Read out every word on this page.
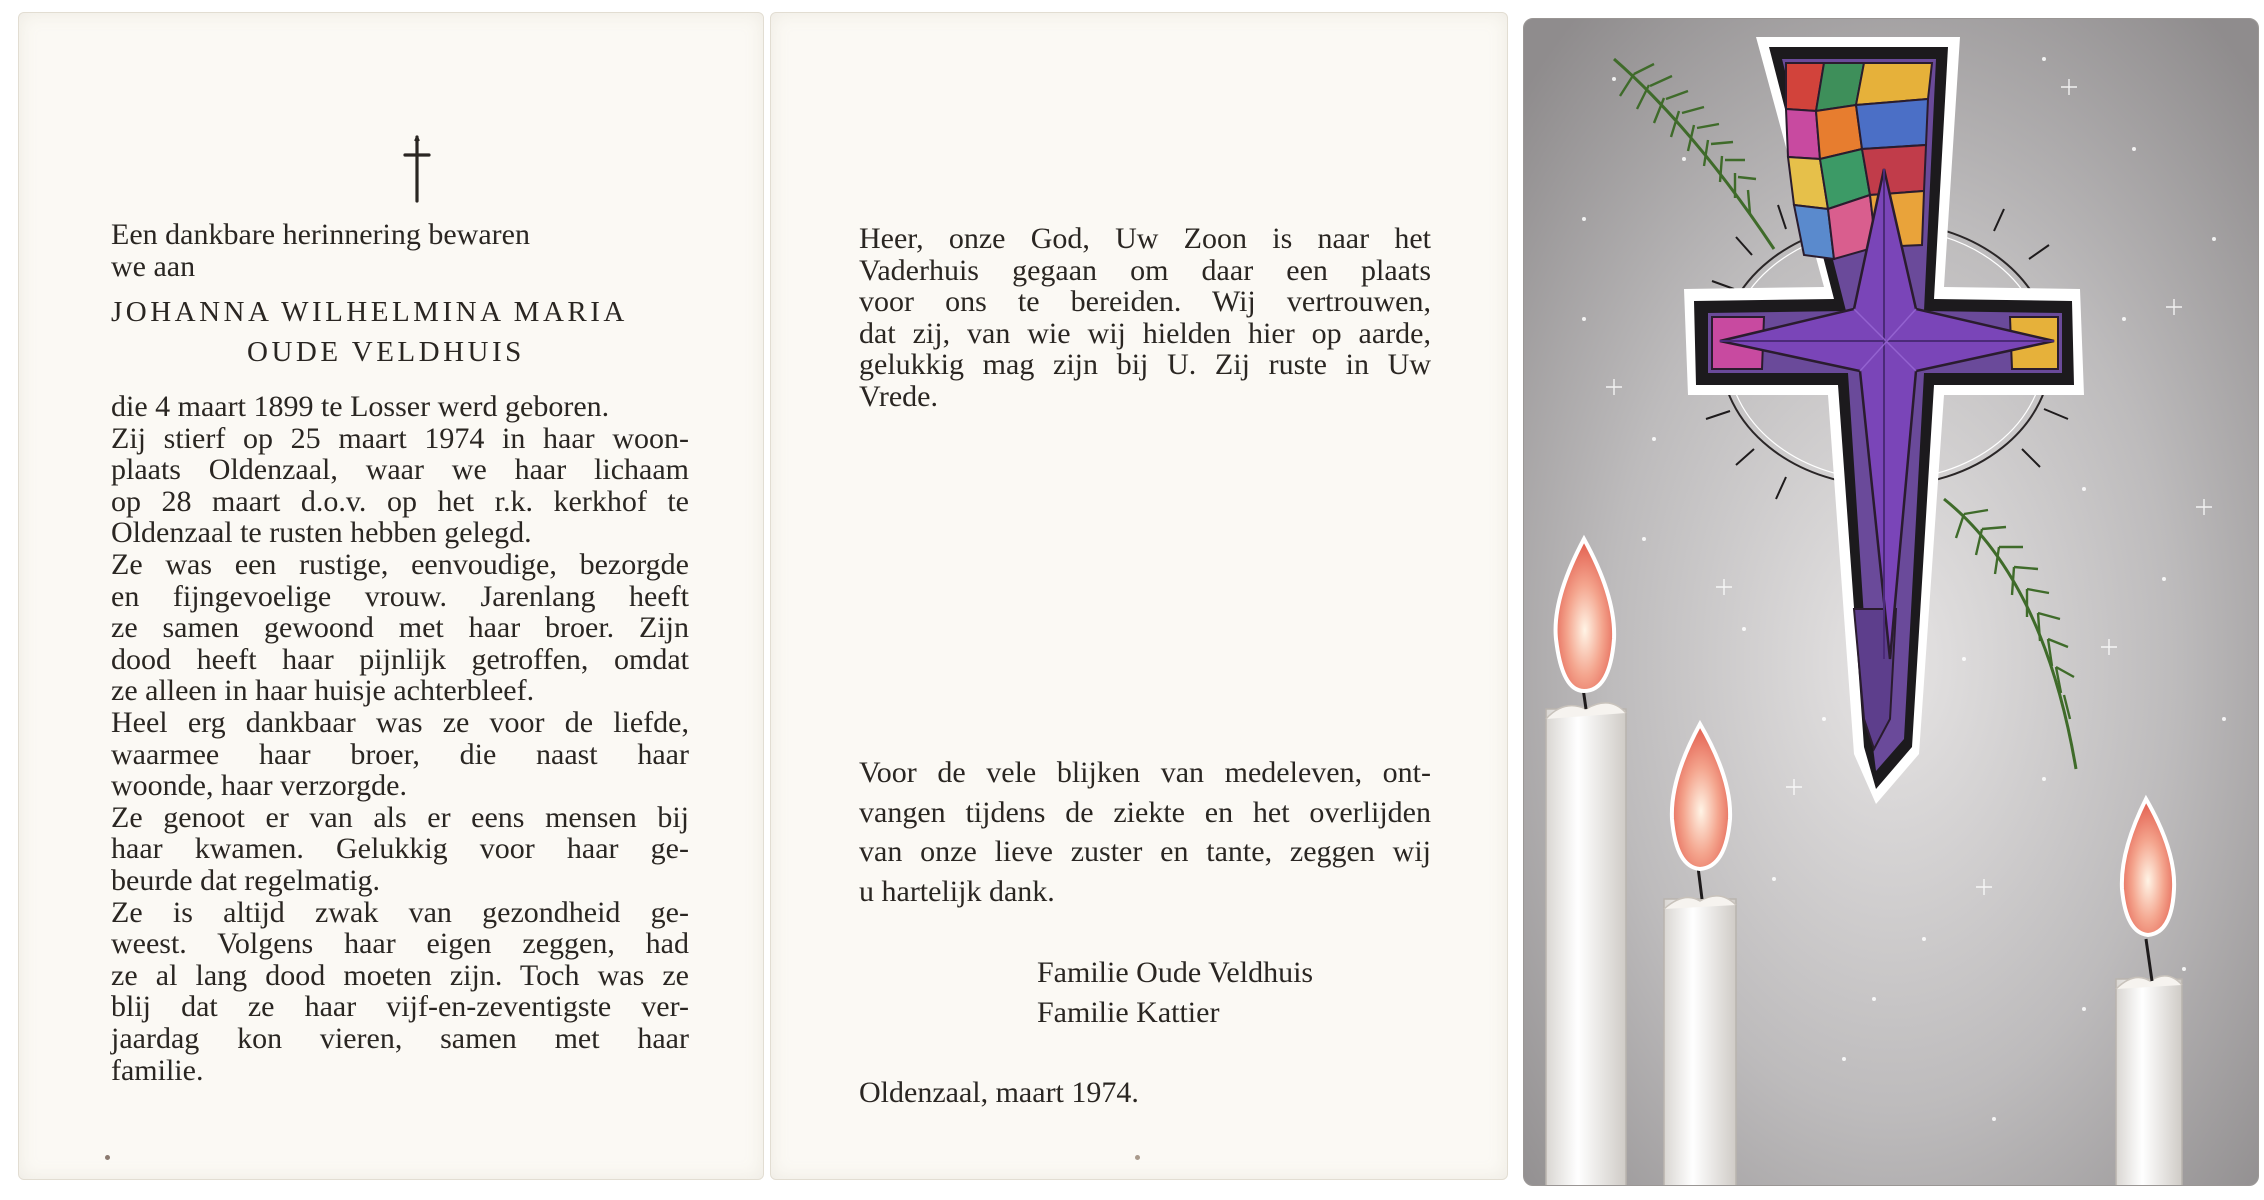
Een dankbare herinnering bewaren
we aan
JOHANNA WILHELMINA MARIA
OUDE VELDHUIS
die 4 maart 1899 te Losser werd geboren.
Zij stierf op 25 maart 1974 in haar woon-
plaats Oldenzaal, waar we haar lichaam
op 28 maart d.o.v. op het r.k. kerkhof te
Oldenzaal te rusten hebben gelegd.
Ze was een rustige, eenvoudige, bezorgde
en fijngevoelige vrouw. Jarenlang heeft
ze samen gewoond met haar broer. Zijn
dood heeft haar pijnlijk getroffen, omdat
ze alleen in haar huisje achterbleef.
Heel erg dankbaar was ze voor de liefde,
waarmee haar broer, die naast haar
woonde, haar verzorgde.
Ze genoot er van als er eens mensen bij
haar kwamen. Gelukkig voor haar ge-
beurde dat regelmatig.
Ze is altijd zwak van gezondheid ge-
weest. Volgens haar eigen zeggen, had
ze al lang dood moeten zijn. Toch was ze
blij dat ze haar vijf-en-zeventigste ver-
jaardag kon vieren, samen met haar
familie.
Heer, onze God, Uw Zoon is naar het
Vaderhuis gegaan om daar een plaats
voor ons te bereiden. Wij vertrouwen,
dat zij, van wie wij hielden hier op aarde,
gelukkig mag zijn bij U. Zij ruste in Uw
Vrede.
Voor de vele blijken van medeleven, ont-
vangen tijdens de ziekte en het overlijden
van onze lieve zuster en tante, zeggen wij
u hartelijk dank.
Familie Oude Veldhuis
Familie Kattier
Oldenzaal, maart 1974.
